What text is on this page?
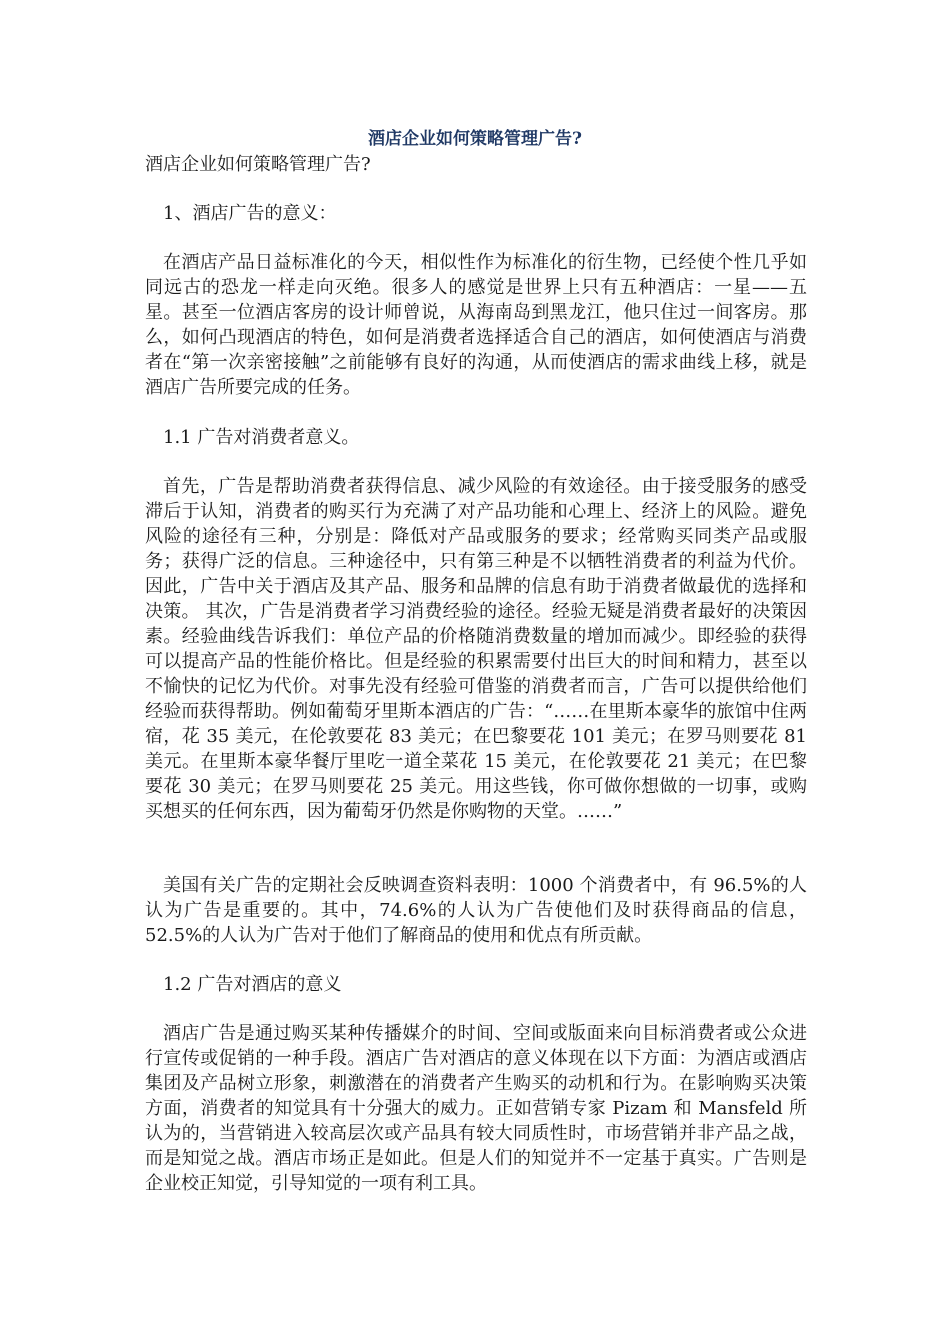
酒店企业如何策略管理广告?

酒店企业如何策略管理广告?

1、酒店广告的意义：

在酒店产品日益标准化的今天，相似性作为标准化的衍生物，已经使个性几乎如同远古的恐龙一样走向灭绝。很多人的感觉是世界上只有五种酒店：一星——五星。甚至一位酒店客房的设计师曾说，从海南岛到黑龙江，他只住过一间客房。那么，如何凸现酒店的特色，如何是消费者选择适合自己的酒店，如何使酒店与消费者在“第一次亲密接触”之前能够有良好的沟通，从而使酒店的需求曲线上移，就是酒店广告所要完成的任务。

1.1 广告对消费者意义。

首先，广告是帮助消费者获得信息、减少风险的有效途径。由于接受服务的感受滞后于认知，消费者的购买行为充满了对产品功能和心理上、经济上的风险。避免风险的途径有三种，分别是：降低对产品或服务的要求；经常购买同类产品或服务；获得广泛的信息。三种途径中，只有第三种是不以牺牲消费者的利益为代价。因此，广告中关于酒店及其产品、服务和品牌的信息有助于消费者做最优的选择和决策。 其次，广告是消费者学习消费经验的途径。经验无疑是消费者最好的决策因素。经验曲线告诉我们：单位产品的价格随消费数量的增加而减少。即经验的获得可以提高产品的性能价格比。但是经验的积累需要付出巨大的时间和精力，甚至以不愉快的记忆为代价。对事先没有经验可借鉴的消费者而言，广告可以提供给他们经验而获得帮助。例如葡萄牙里斯本酒店的广告：“……在里斯本豪华的旅馆中住两宿，花 35 美元，在伦敦要花 83 美元；在巴黎要花 101 美元；在罗马则要花 81 美元。在里斯本豪华餐厅里吃一道全菜花 15 美元，在伦敦要花 21 美元；在巴黎要花 30 美元；在罗马则要花 25 美元。用这些钱，你可做你想做的一切事，或购买想买的任何东西，因为葡萄牙仍然是你购物的天堂。……”

美国有关广告的定期社会反映调查资料表明：1000 个消费者中，有 96.5%的人认为广告是重要的。其中，74.6%的人认为广告使他们及时获得商品的信息，52.5%的人认为广告对于他们了解商品的使用和优点有所贡献。

1.2 广告对酒店的意义

酒店广告是通过购买某种传播媒介的时间、空间或版面来向目标消费者或公众进行宣传或促销的一种手段。酒店广告对酒店的意义体现在以下方面：为酒店或酒店集团及产品树立形象，刺激潜在的消费者产生购买的动机和行为。在影响购买决策方面，消费者的知觉具有十分强大的威力。正如营销专家 Pizam 和 Mansfeld 所认为的，当营销进入较高层次或产品具有较大同质性时，市场营销并非产品之战，而是知觉之战。酒店市场正是如此。但是人们的知觉并不一定基于真实。广告则是企业校正知觉，引导知觉的一项有利工具。
